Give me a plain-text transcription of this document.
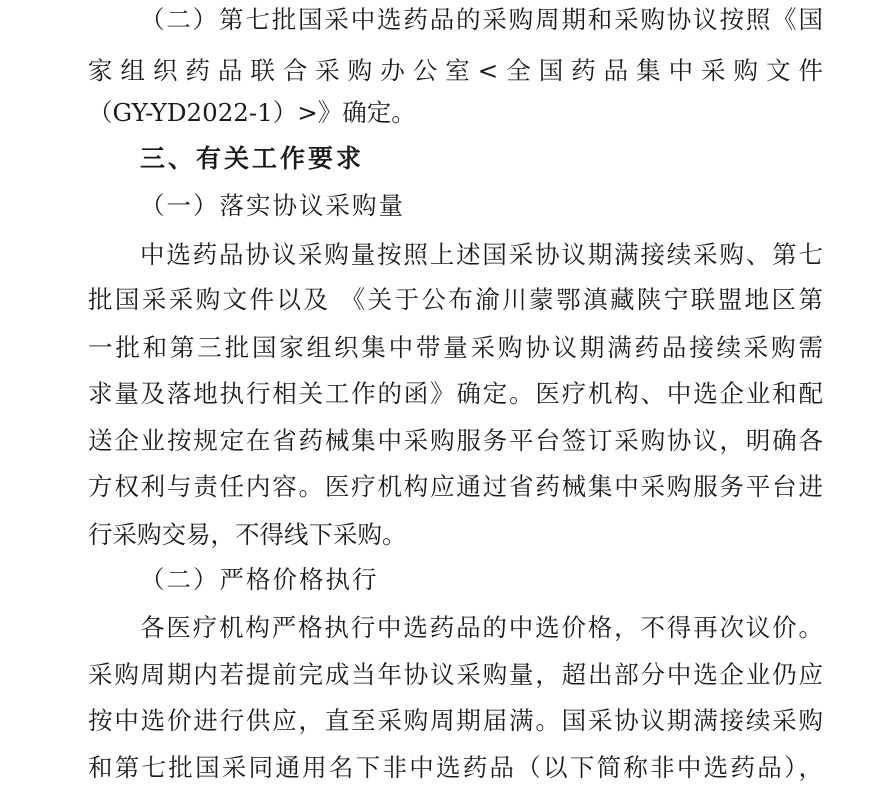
（二）第七批国采中选药品的采购周期和采购协议按照《国
家组织药品联合采购办公室<全国药品集中采购文件
（GY-YD2022-1）>》确定。
三、有关工作要求
（一）落实协议采购量
中选药品协议采购量按照上述国采协议期满接续采购、第七
批国采采购文件以及 《关于公布渝川蒙鄂滇藏陕宁联盟地区第
一批和第三批国家组织集中带量采购协议期满药品接续采购需
求量及落地执行相关工作的函》确定。医疗机构、中选企业和配
送企业按规定在省药械集中采购服务平台签订采购协议，明确各
方权利与责任内容。医疗机构应通过省药械集中采购服务平台进
行采购交易，不得线下采购。
（二）严格价格执行
各医疗机构严格执行中选药品的中选价格，不得再次议价。
采购周期内若提前完成当年协议采购量，超出部分中选企业仍应
按中选价进行供应，直至采购周期届满。国采协议期满接续采购
和第七批国采同通用名下非中选药品（以下简称非中选药品），
